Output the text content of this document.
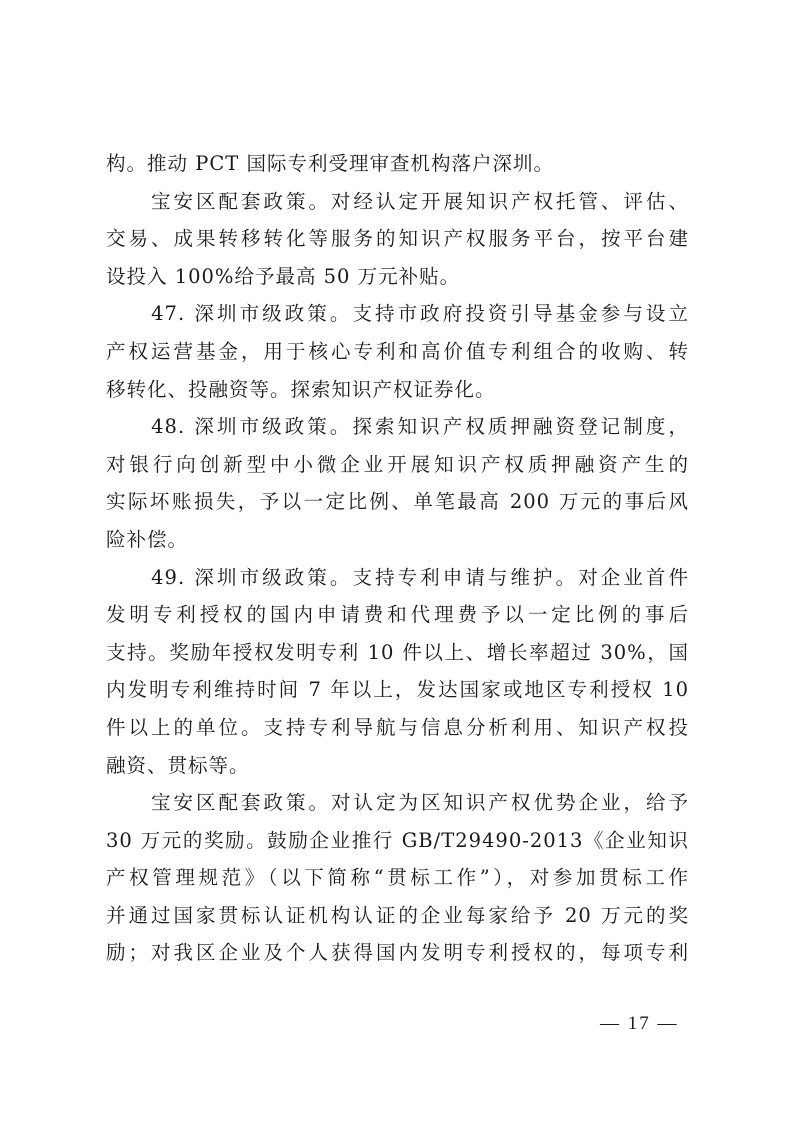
构。推动 PCT 国际专利受理审查机构落户深圳。
　　宝安区配套政策。对经认定开展知识产权托管、评估、
交易、成果转移转化等服务的知识产权服务平台，按平台建
设投入 100%给予最高 50 万元补贴。
　　47. 深圳市级政策。支持市政府投资引导基金参与设立
产权运营基金，用于核心专利和高价值专利组合的收购、转
移转化、投融资等。探索知识产权证券化。
　　48. 深圳市级政策。探索知识产权质押融资登记制度，
对银行向创新型中小微企业开展知识产权质押融资产生的
实际坏账损失，予以一定比例、单笔最高 200 万元的事后风
险补偿。
　　49. 深圳市级政策。支持专利申请与维护。对企业首件
发明专利授权的国内申请费和代理费予以一定比例的事后
支持。奖励年授权发明专利 10 件以上、增长率超过 30%，国
内发明专利维持时间 7 年以上，发达国家或地区专利授权 10
件以上的单位。支持专利导航与信息分析利用、知识产权投
融资、贯标等。
　　宝安区配套政策。对认定为区知识产权优势企业，给予
30 万元的奖励。鼓励企业推行 GB/T29490-2013《企业知识
产权管理规范》（以下简称“贯标工作”），对参加贯标工作
并通过国家贯标认证机构认证的企业每家给予 20 万元的奖
励；对我区企业及个人获得国内发明专利授权的，每项专利
— 17 —
